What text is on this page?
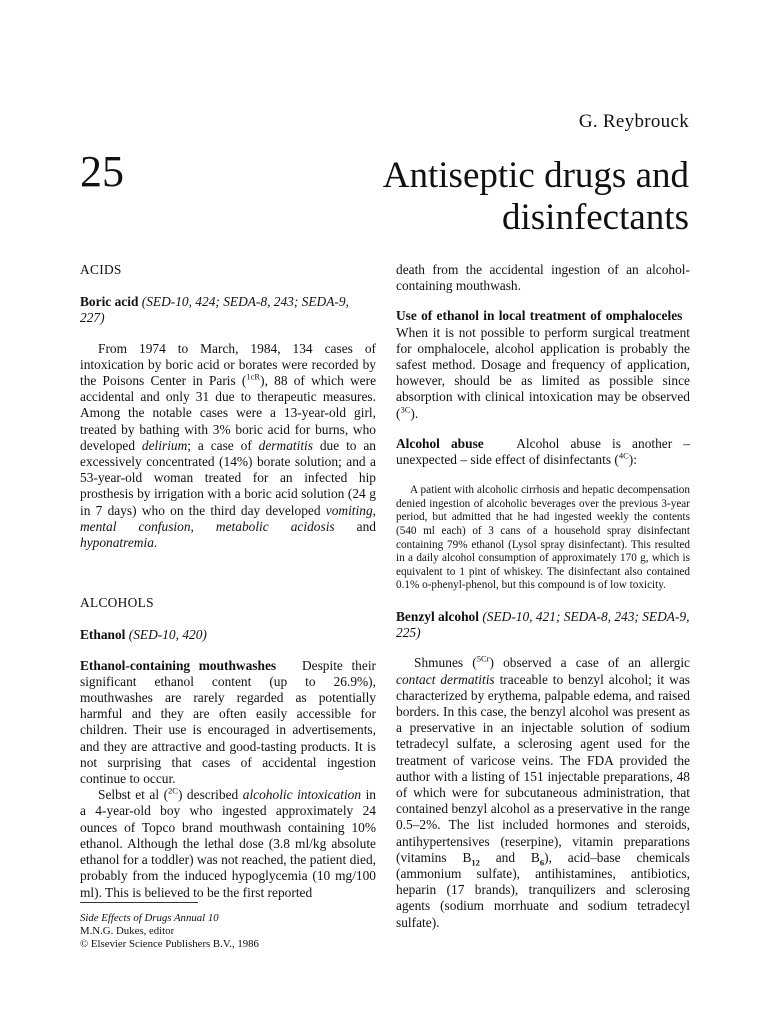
G. Reybrouck
25	Antiseptic drugs and
disinfectants
ACIDS
Boric acid (SED-10, 424; SEDA-8, 243; SEDA-9, 227)

From 1974 to March, 1984, 134 cases of intoxication by boric acid or borates were recorded by the Poisons Center in Paris ($^{1cR}$), 88 of which were accidental and only 31 due to therapeutic measures. Among the notable cases were a 13-year-old girl, treated by bathing with 3% boric acid for burns, who developed delirium; a case of dermatitis due to an excessively concentrated (14%) borate solution; and a 53-year-old woman treated for an infected hip prosthesis by irrigation with a boric acid solution (24 g in 7 days) who on the third day developed vomiting, mental confusion, metabolic acidosis and hyponatremia.

ALCOHOLS
Ethanol (SED-10, 420)

Ethanol-containing mouthwashes Despite their significant ethanol content (up to 26.9%), mouthwashes are rarely regarded as potentially harmful and they are often easily accessible for children. Their use is encouraged in advertisements, and they are attractive and good-tasting products. It is not surprising that cases of accidental ingestion continue to occur.

Selbst et al ($^{2C}$) described alcoholic intoxication in a 4-year-old boy who ingested approximately 24 ounces of Topco brand mouthwash containing 10% ethanol. Although the lethal dose (3.8 ml/kg absolute ethanol for a toddler) was not reached, the patient died, probably from the induced hypoglycemia (10 mg/100 ml). This is believed to be the first reported

Side Effects of Drugs Annual 10
M.N.G. Dukes, editor
© Elsevier Science Publishers B.V., 1986

death from the accidental ingestion of an alcohol-containing mouthwash.

Use of ethanol in local treatment of omphaloceles   When it is not possible to perform surgical treatment for omphalocele, alcohol application is probably the safest method. Dosage and frequency of application, however, should be as limited as possible since absorption with clinical intoxication may be observed ($^{3C}$).

Alcohol abuse Alcohol abuse is another – unexpected – side effect of disinfectants ($^{4C}$):

A patient with alcoholic cirrhosis and hepatic decompensation denied ingestion of alcoholic beverages over the previous 3-year period, but admitted that he had ingested weekly the contents (540 ml each) of 3 cans of a household spray disinfectant containing 79% ethanol (Lysol spray disinfectant). This resulted in a daily alcohol consumption of approximately 170 g, which is equivalent to 1 pint of whiskey. The disinfectant also contained 0.1% o-phenyl-phenol, but this compound is of low toxicity.

Benzyl alcohol (SED-10, 421; SEDA-8, 243; SEDA-9, 225)

Shmunes ($^{5Cr}$) observed a case of an allergic contact dermatitis traceable to benzyl alcohol; it was characterized by erythema, palpable edema, and raised borders. In this case, the benzyl alcohol was present as a preservative in an injectable solution of sodium tetradecyl sulfate, a sclerosing agent used for the treatment of varicose veins. The FDA provided the author with a listing of 151 injectable preparations, 48 of which were for subcutaneous administration, that contained benzyl alcohol as a preservative in the range 0.5–2%. The list included hormones and steroids, antihypertensives (reserpine), vitamin preparations (vitamins $B_{12}$ and $B_6$), acid–base chemicals (ammonium sulfate), antihistamines, antibiotics, heparin (17 brands), tranquilizers and sclerosing agents (sodium morrhuate and sodium tetradecyl sulfate).
